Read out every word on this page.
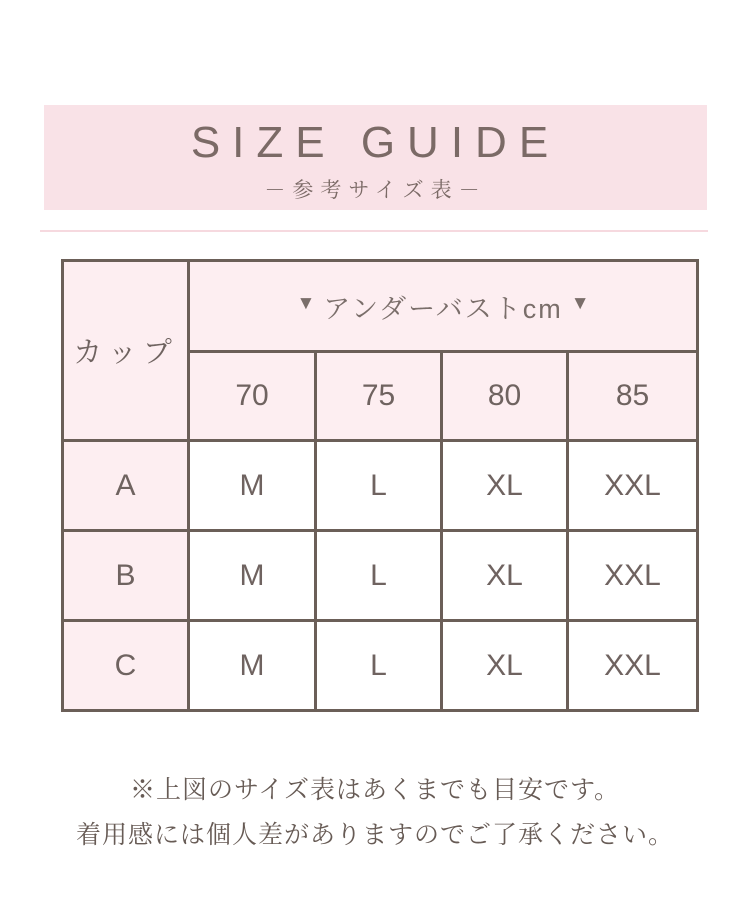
SIZE GUIDE
－参考サイズ表－
カップ	▼ アンダーバストcm ▼			
	70	75	80	85
A	M	L	XL	XXL
B	M	L	XL	XXL
C	M	L	XL	XXL
※上図のサイズ表はあくまでも目安です。
着用感には個人差がありますのでご了承ください。
